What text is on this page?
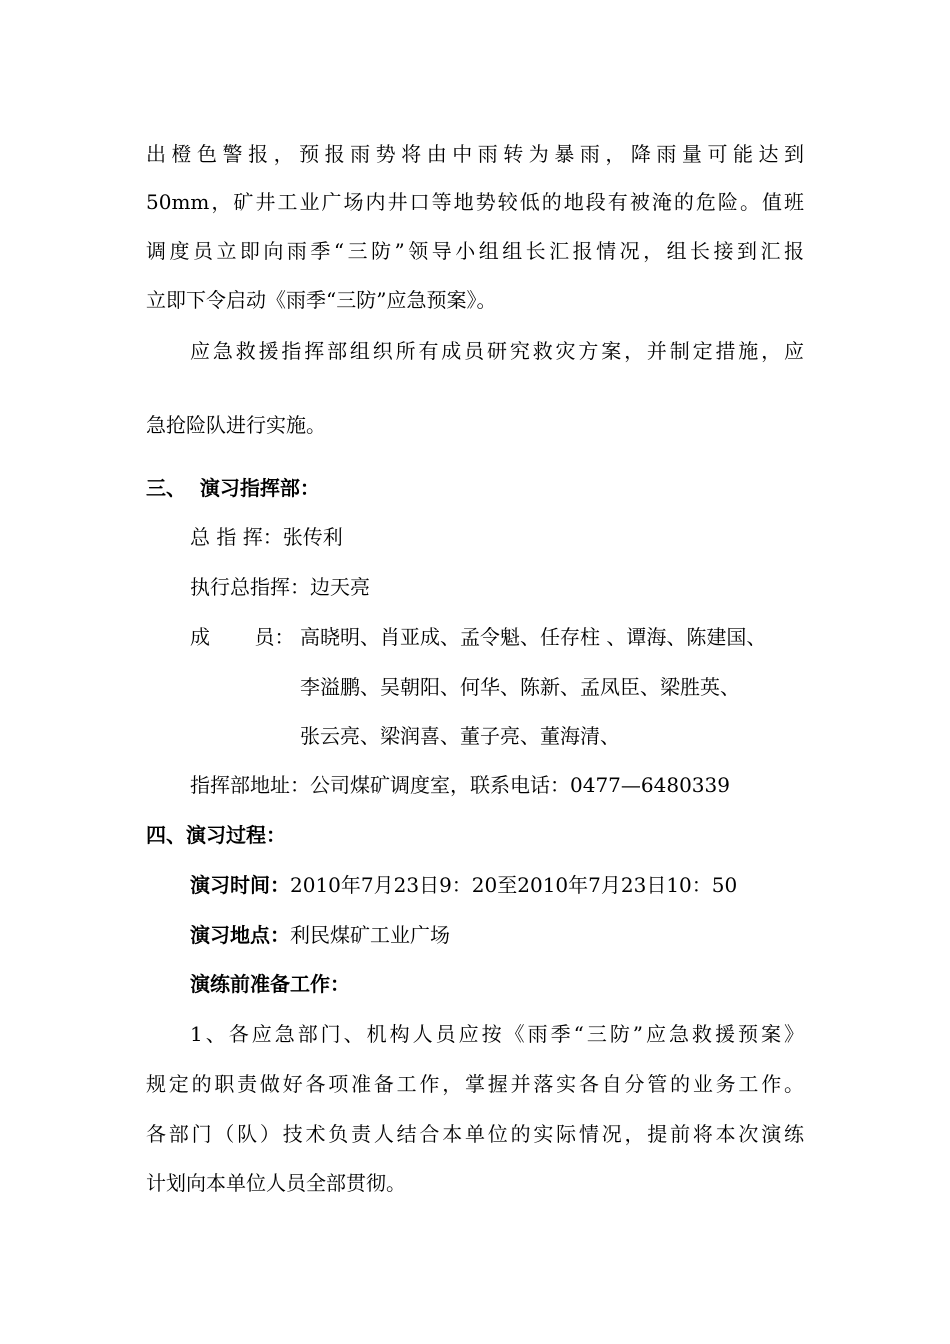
出橙色警报，预报雨势将由中雨转为暴雨，降雨量可能达到
50mm，矿井工业广场内井口等地势较低的地段有被淹的危险。值班
调度员立即向雨季“三防”领导小组组长汇报情况，组长接到汇报
立即下令启动《雨季“三防”应急预案》。
应急救援指挥部组织所有成员研究救灾方案，并制定措施，应
急抢险队进行实施。
三、  演习指挥部：
总 指 挥：张传利
执行总指挥：边天亮
成       员： 高晓明、肖亚成、孟令魁、任存柱 、谭海、陈建国、
李溢鹏、吴朝阳、何华、陈新、孟凤臣、梁胜英、
张云亮、梁润喜、董子亮、董海清、
指挥部地址：公司煤矿调度室，联系电话：0477—6480339
四、演习过程：
演习时间：2010年7月23日9：20至2010年7月23日10：50
演习地点：利民煤矿工业广场
演练前准备工作：
1、各应急部门、机构人员应按《雨季“三防”应急救援预案》
规定的职责做好各项准备工作，掌握并落实各自分管的业务工作。
各部门（队）技术负责人结合本单位的实际情况，提前将本次演练
计划向本单位人员全部贯彻。
